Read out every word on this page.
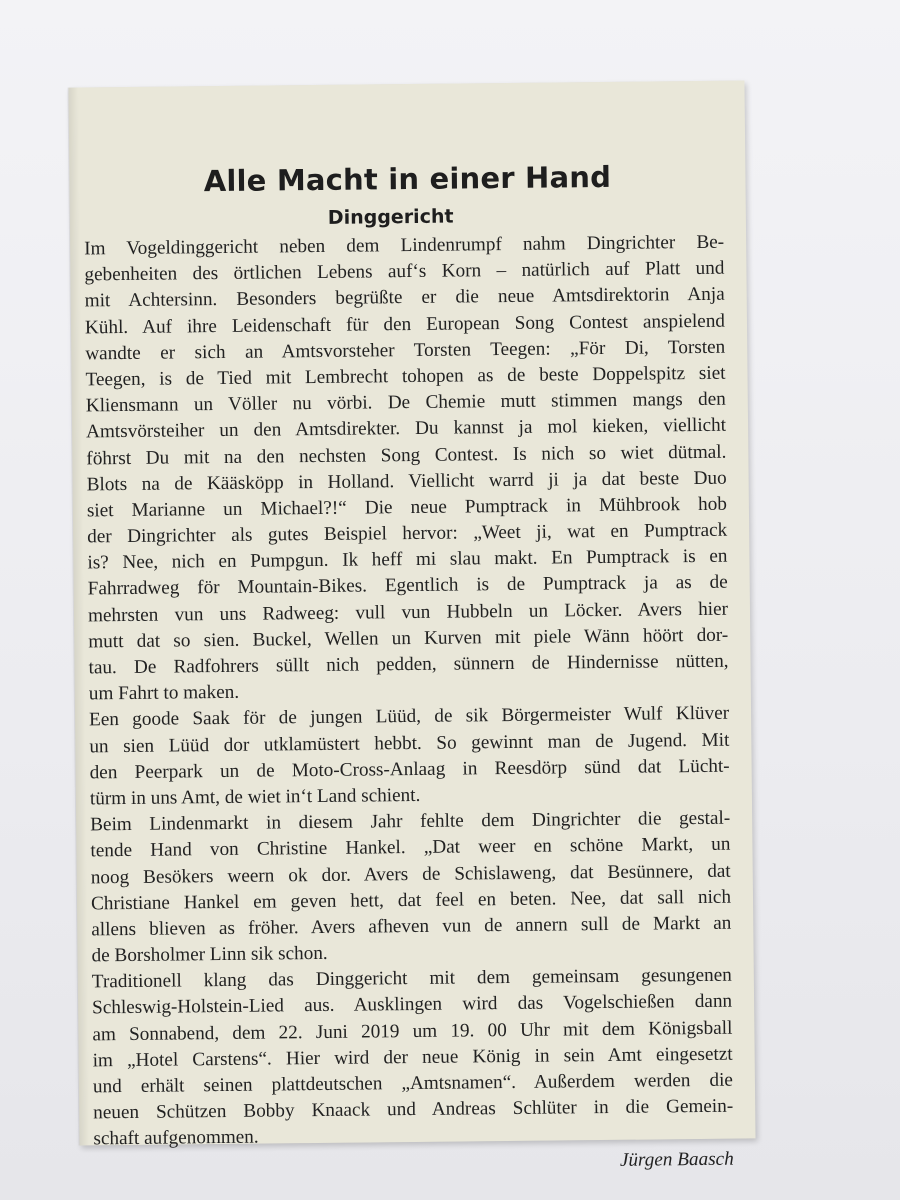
Alle Macht in einer Hand
Dinggericht
Im Vogeldinggericht neben dem Lindenrumpf nahm Dingrichter Be-
gebenheiten des örtlichen Lebens auf‘s Korn – natürlich auf Platt und
mit Achtersinn. Besonders begrüßte er die neue Amtsdirektorin Anja
Kühl. Auf ihre Leidenschaft für den European Song Contest anspielend
wandte er sich an Amtsvorsteher Torsten Teegen: „För Di, Torsten
Teegen, is de Tied mit Lembrecht tohopen as de beste Doppelspitz siet
Kliensmann un Völler nu vörbi. De Chemie mutt stimmen mangs den
Amtsvörsteiher un den Amtsdirekter. Du kannst ja mol kieken, viellicht
föhrst Du mit na den nechsten Song Contest. Is nich so wiet dütmal.
Blots na de Kääsköpp in Holland. Viellicht warrd ji ja dat beste Duo
siet Marianne un Michael?!“ Die neue Pumptrack in Mühbrook hob
der Dingrichter als gutes Beispiel hervor: „Weet ji, wat en Pumptrack
is? Nee, nich en Pumpgun. Ik heff mi slau makt. En Pumptrack is en
Fahrradweg för Mountain-Bikes. Egentlich is de Pumptrack ja as de
mehrsten vun uns Radweeg: vull vun Hubbeln un Löcker. Avers hier
mutt dat so sien. Buckel, Wellen un Kurven mit piele Wänn höört dor-
tau. De Radfohrers süllt nich pedden, sünnern de Hindernisse nütten,
um Fahrt to maken.
Een goode Saak för de jungen Lüüd, de sik Börgermeister Wulf Klüver
un sien Lüüd dor utklamüstert hebbt. So gewinnt man de Jugend. Mit
den Peerpark un de Moto-Cross-Anlaag in Reesdörp sünd dat Lücht-
türm in uns Amt, de wiet in‘t Land schient.
Beim Lindenmarkt in diesem Jahr fehlte dem Dingrichter die gestal-
tende Hand von Christine Hankel. „Dat weer en schöne Markt, un
noog Besökers weern ok dor. Avers de Schislaweng, dat Besünnere, dat
Christiane Hankel em geven hett, dat feel en beten. Nee, dat sall nich
allens blieven as fröher. Avers afheven vun de annern sull de Markt an
de Borsholmer Linn sik schon.
Traditionell klang das Dinggericht mit dem gemeinsam gesungenen
Schleswig-Holstein-Lied aus. Ausklingen wird das Vogelschießen dann
am Sonnabend, dem 22. Juni 2019 um 19. 00 Uhr mit dem Königsball
im „Hotel Carstens“. Hier wird der neue König in sein Amt eingesetzt
und erhält seinen plattdeutschen „Amtsnamen“. Außerdem werden die
neuen Schützen Bobby Knaack und Andreas Schlüter in die Gemein-
schaft aufgenommen.
Jürgen Baasch
